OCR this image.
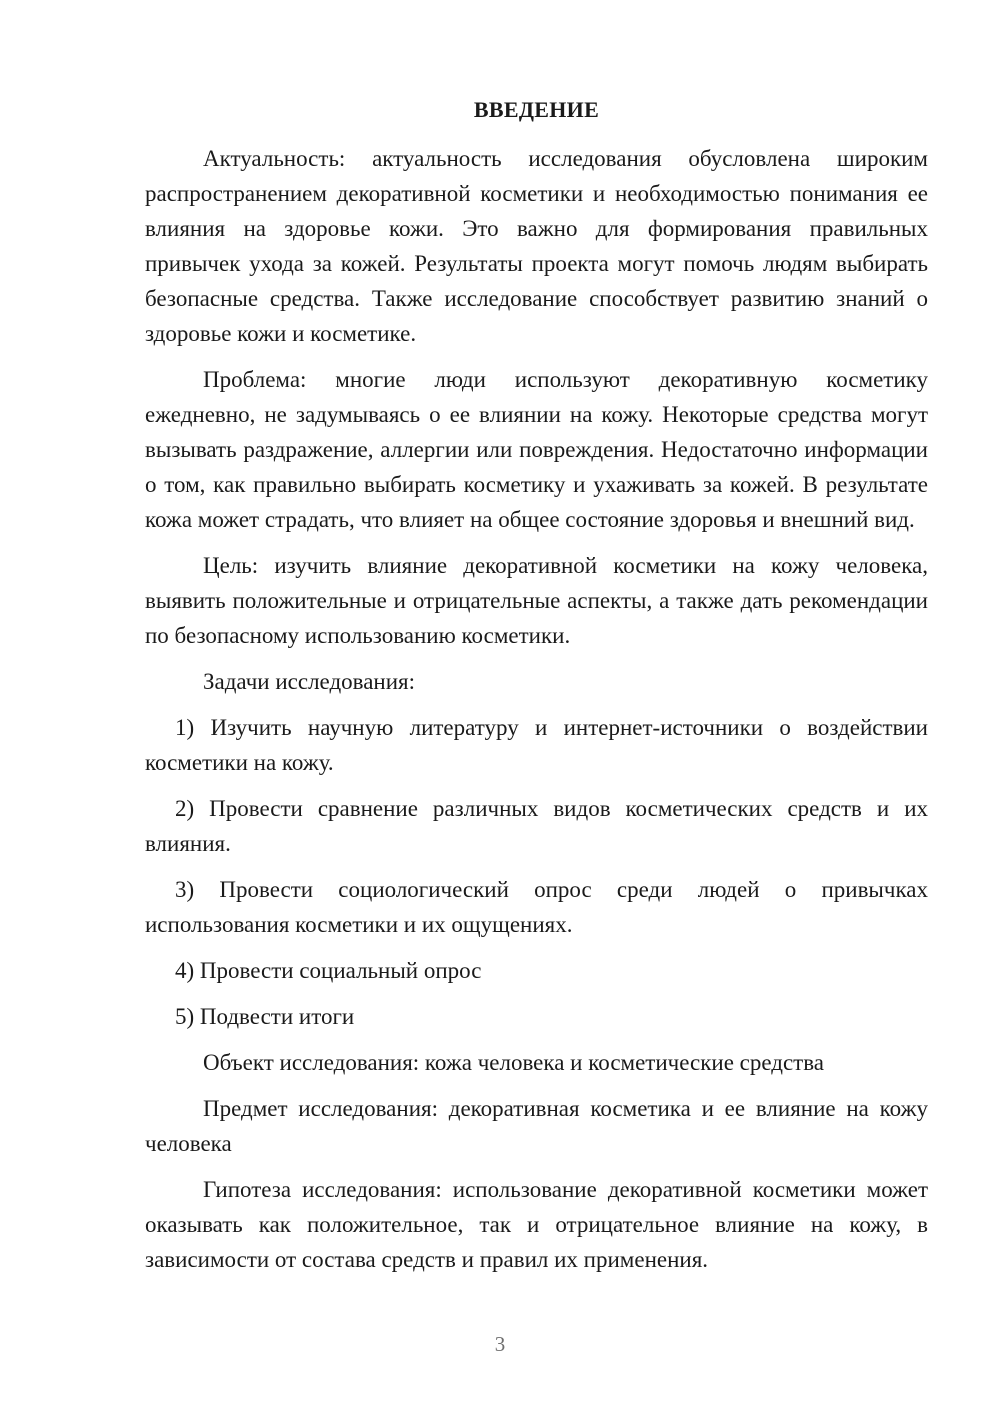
ВВЕДЕНИЕ

Актуальность: актуальность исследования обусловлена широким распространением декоративной косметики и необходимостью понимания ее влияния на здоровье кожи. Это важно для формирования правильных привычек ухода за кожей. Результаты проекта могут помочь людям выбирать безопасные средства. Также исследование способствует развитию знаний о здоровье кожи и косметике.

Проблема: многие люди используют декоративную косметику ежедневно, не задумываясь о ее влиянии на кожу. Некоторые средства могут вызывать раздражение, аллергии или повреждения. Недостаточно информации о том, как правильно выбирать косметику и ухаживать за кожей. В результате кожа может страдать, что влияет на общее состояние здоровья и внешний вид.

Цель: изучить влияние декоративной косметики на кожу человека, выявить положительные и отрицательные аспекты, а также дать рекомендации по безопасному использованию косметики.

Задачи исследования:

1) Изучить научную литературу и интернет-источники о воздействии косметики на кожу.

2) Провести сравнение различных видов косметических средств и их влияния.

3) Провести социологический опрос среди людей о привычках использования косметики и их ощущениях.

4) Провести социальный опрос

5) Подвести итоги

Объект исследования: кожа человека и косметические средства

Предмет исследования: декоративная косметика и ее влияние на кожу человека

Гипотеза исследования: использование декоративной косметики может оказывать как положительное, так и отрицательное влияние на кожу, в зависимости от состава средств и правил их применения.

3
